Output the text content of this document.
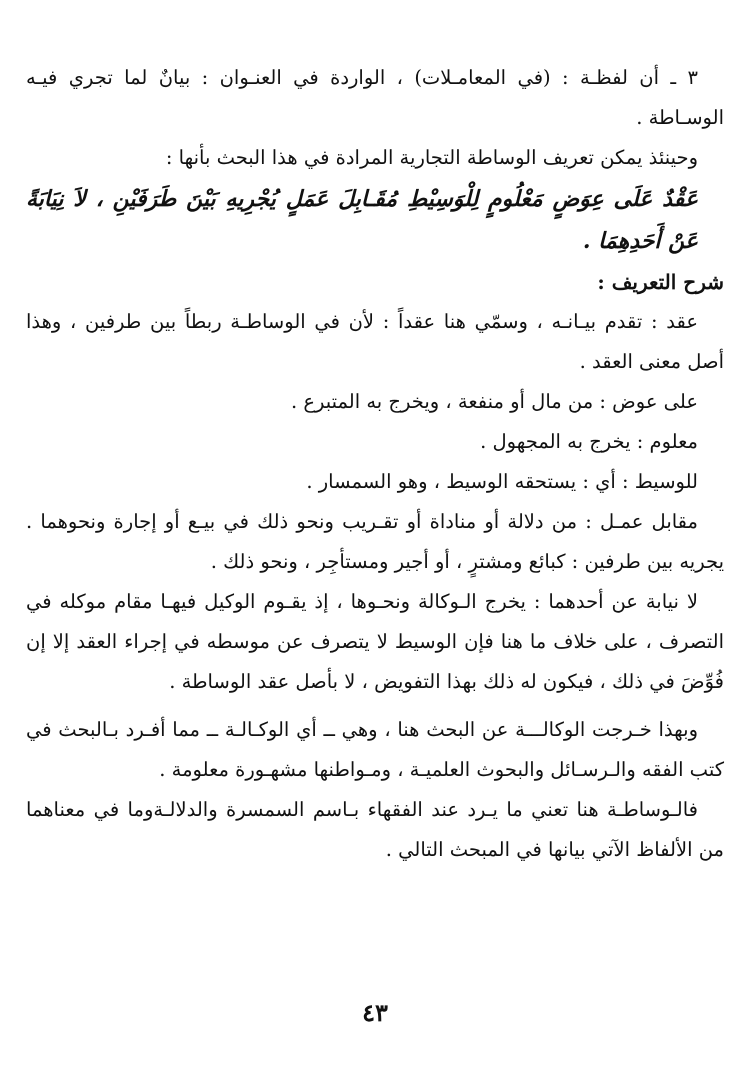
٣ ـ أن لفظـة : (في المعامـلات) ، الواردة في العنـوان : بيانٌ لما تجري فيـه الوسـاطة .

وحينئذ يمكن تعريف الوساطة التجارية المرادة في هذا البحث بأنها :

عَقْدٌ عَلَى عِوَضٍ مَعْلُومٍ لِلْوَسِيْطِ مُقَـابِلَ عَمَلٍ يُجْرِيهِ بَيْنَ طَرَفَيْنِ ، لاَ نِيَابَةً عَنْ أَحَدِهِمَا .

شرح التعريف :

عقد : تقدم بيـانـه ، وسمّي هنا عقداً : لأن في الوساطـة ربطاً بين طرفين ، وهذا أصل معنى العقد .

على عوض : من مال أو منفعة ، ويخرج به المتبرع .

معلوم : يخرج به المجهول .

للوسيط : أي : يستحقه الوسيط ، وهو السمسار .

مقابل عمـل : من دلالة أو مناداة أو تقـريب ونحو ذلك في بيـع أو إجارة ونحوهما . يجريه بين طرفين : كبائع ومشترٍ ، أو أجير ومستأجِر ، ونحو ذلك .

لا نيابة عن أحدهما : يخرج الـوكالة ونحـوها ، إذ يقـوم الوكيل فيهـا مقام موكله في التصرف ، على خلاف ما هنا فإن الوسيط لا يتصرف عن موسطه في إجراء العقد إلا إن فُوِّضَ في ذلك ، فيكون له ذلك بهذا التفويض ، لا بأصل عقد الوساطة .

وبهذا خـرجت الوكالـــة عن البحث هنا ، وهي ــ أي الوكـالـة ــ مما أفـرد بـالبحث في كتب الفقه والـرسـائل والبحوث العلميـة ، ومـواطنها مشهـورة معلومة .

فالـوساطـة هنا تعني ما يـرد عند الفقهاء بـاسم السمسرة والدلالـةوما في معناهما من الألفاظ الآتي بيانها في المبحث التالي .

٤٣
